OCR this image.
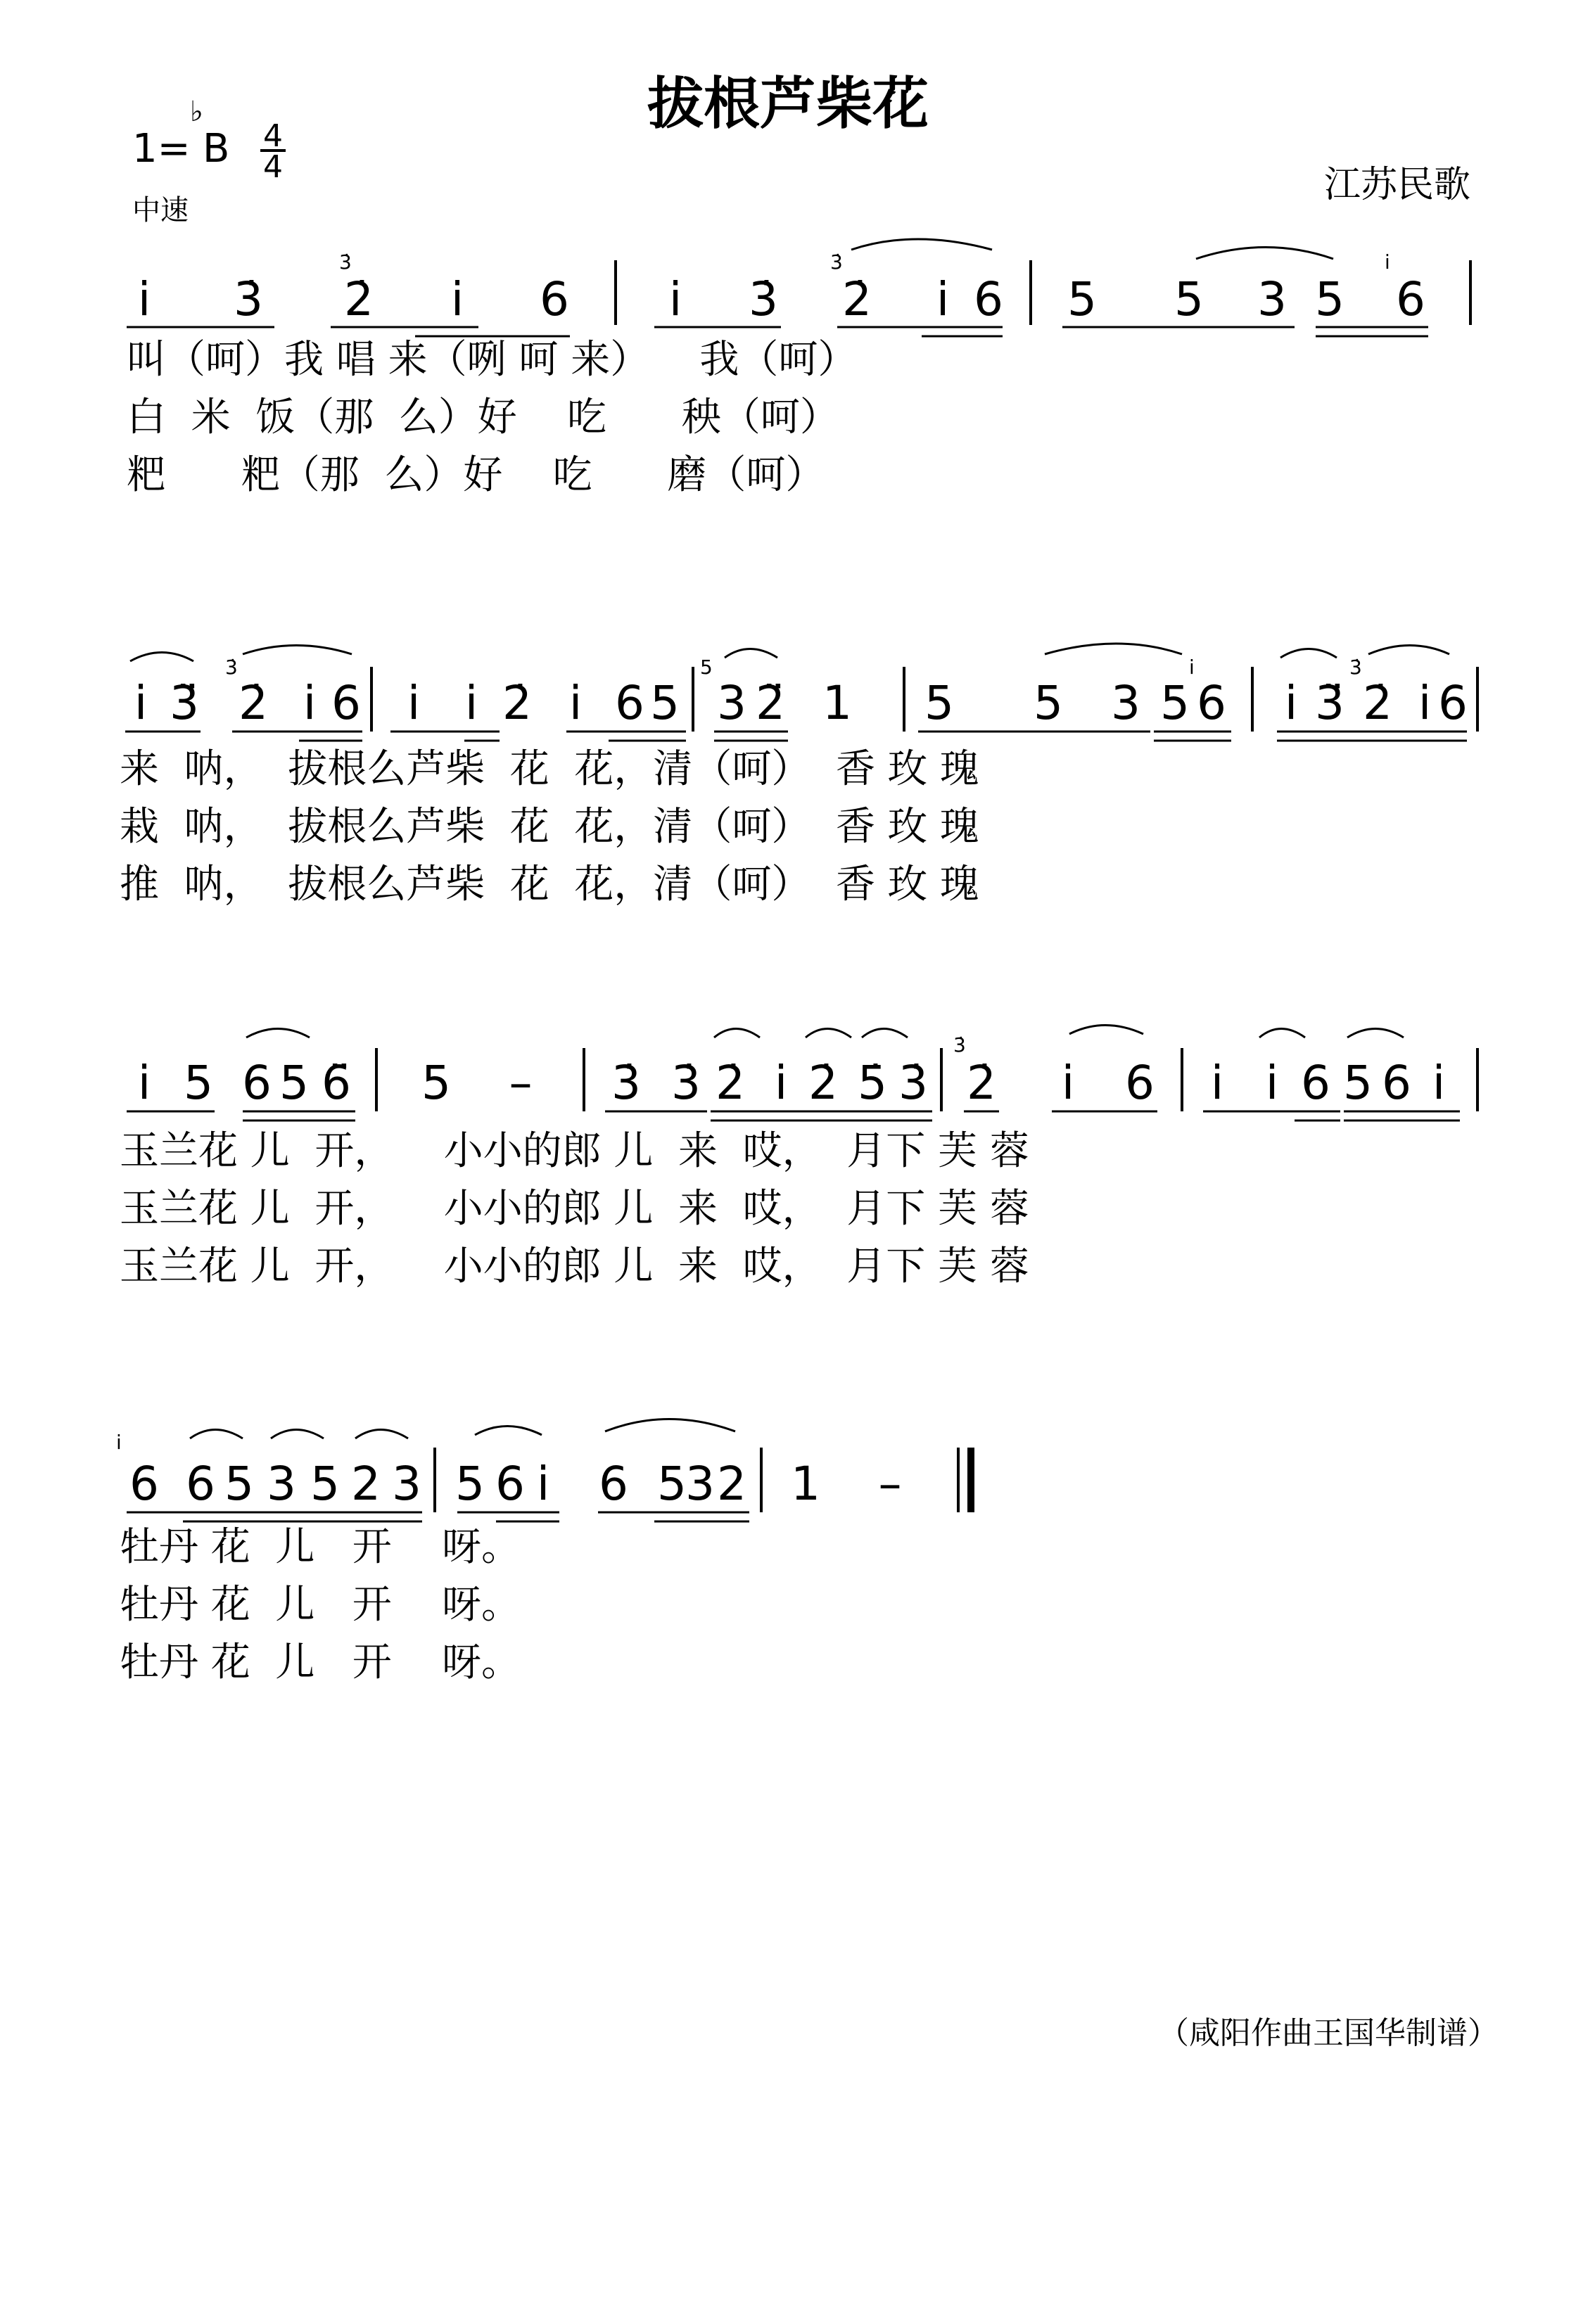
拔根芦柴花
1=
♭
B 4
4
中速
江苏民歌
i 3̇
3̇
2̇ i 6 i 3̇
3̇
2̇ i 6 5 5 3 5
i
6
叫（呵）我 唱 来（咧 呵 来）    我（呵）
白  米  饭（那  么）好    吃      秧（呵）
粑      粑（那  么）好    吃      磨（呵）
i 3̈
3̇
2̇ i 6 i i 2̇ i 6 5
5
3 2̈ 1 5 5 3 5
i
6 i 3̈
3̇
2̇ i 6
来  呐，  拔根么芦柴  花  花，清（呵）  香 玫 瑰
栽  呐，  拔根么芦柴  花  花，清（呵）  香 玫 瑰
推  呐，  拔根么芦柴  花  花，清（呵）  香 玫 瑰
i 5 6 5 6̈ 5 – 3̇ 3̇ 2̇ i 2̇ 5̇ 3̇
3̇
2̇ i̇̇ 6 i i 6 5 6 i
玉兰花 儿  开，    小小的郎 儿  来  哎，  月下 芙 蓉
玉兰花 儿  开，    小小的郎 儿  来  哎，  月下 芙 蓉
玉兰花 儿  开，    小小的郎 儿  来  哎，  月下 芙 蓉
i
6 6 5 3 5 2 3 5 6 i 6 5
3 2 1 –
牡丹 花  儿   开    呀。
牡丹 花  儿   开    呀。
牡丹 花  儿   开    呀。
（咸阳作曲王国华制谱）
